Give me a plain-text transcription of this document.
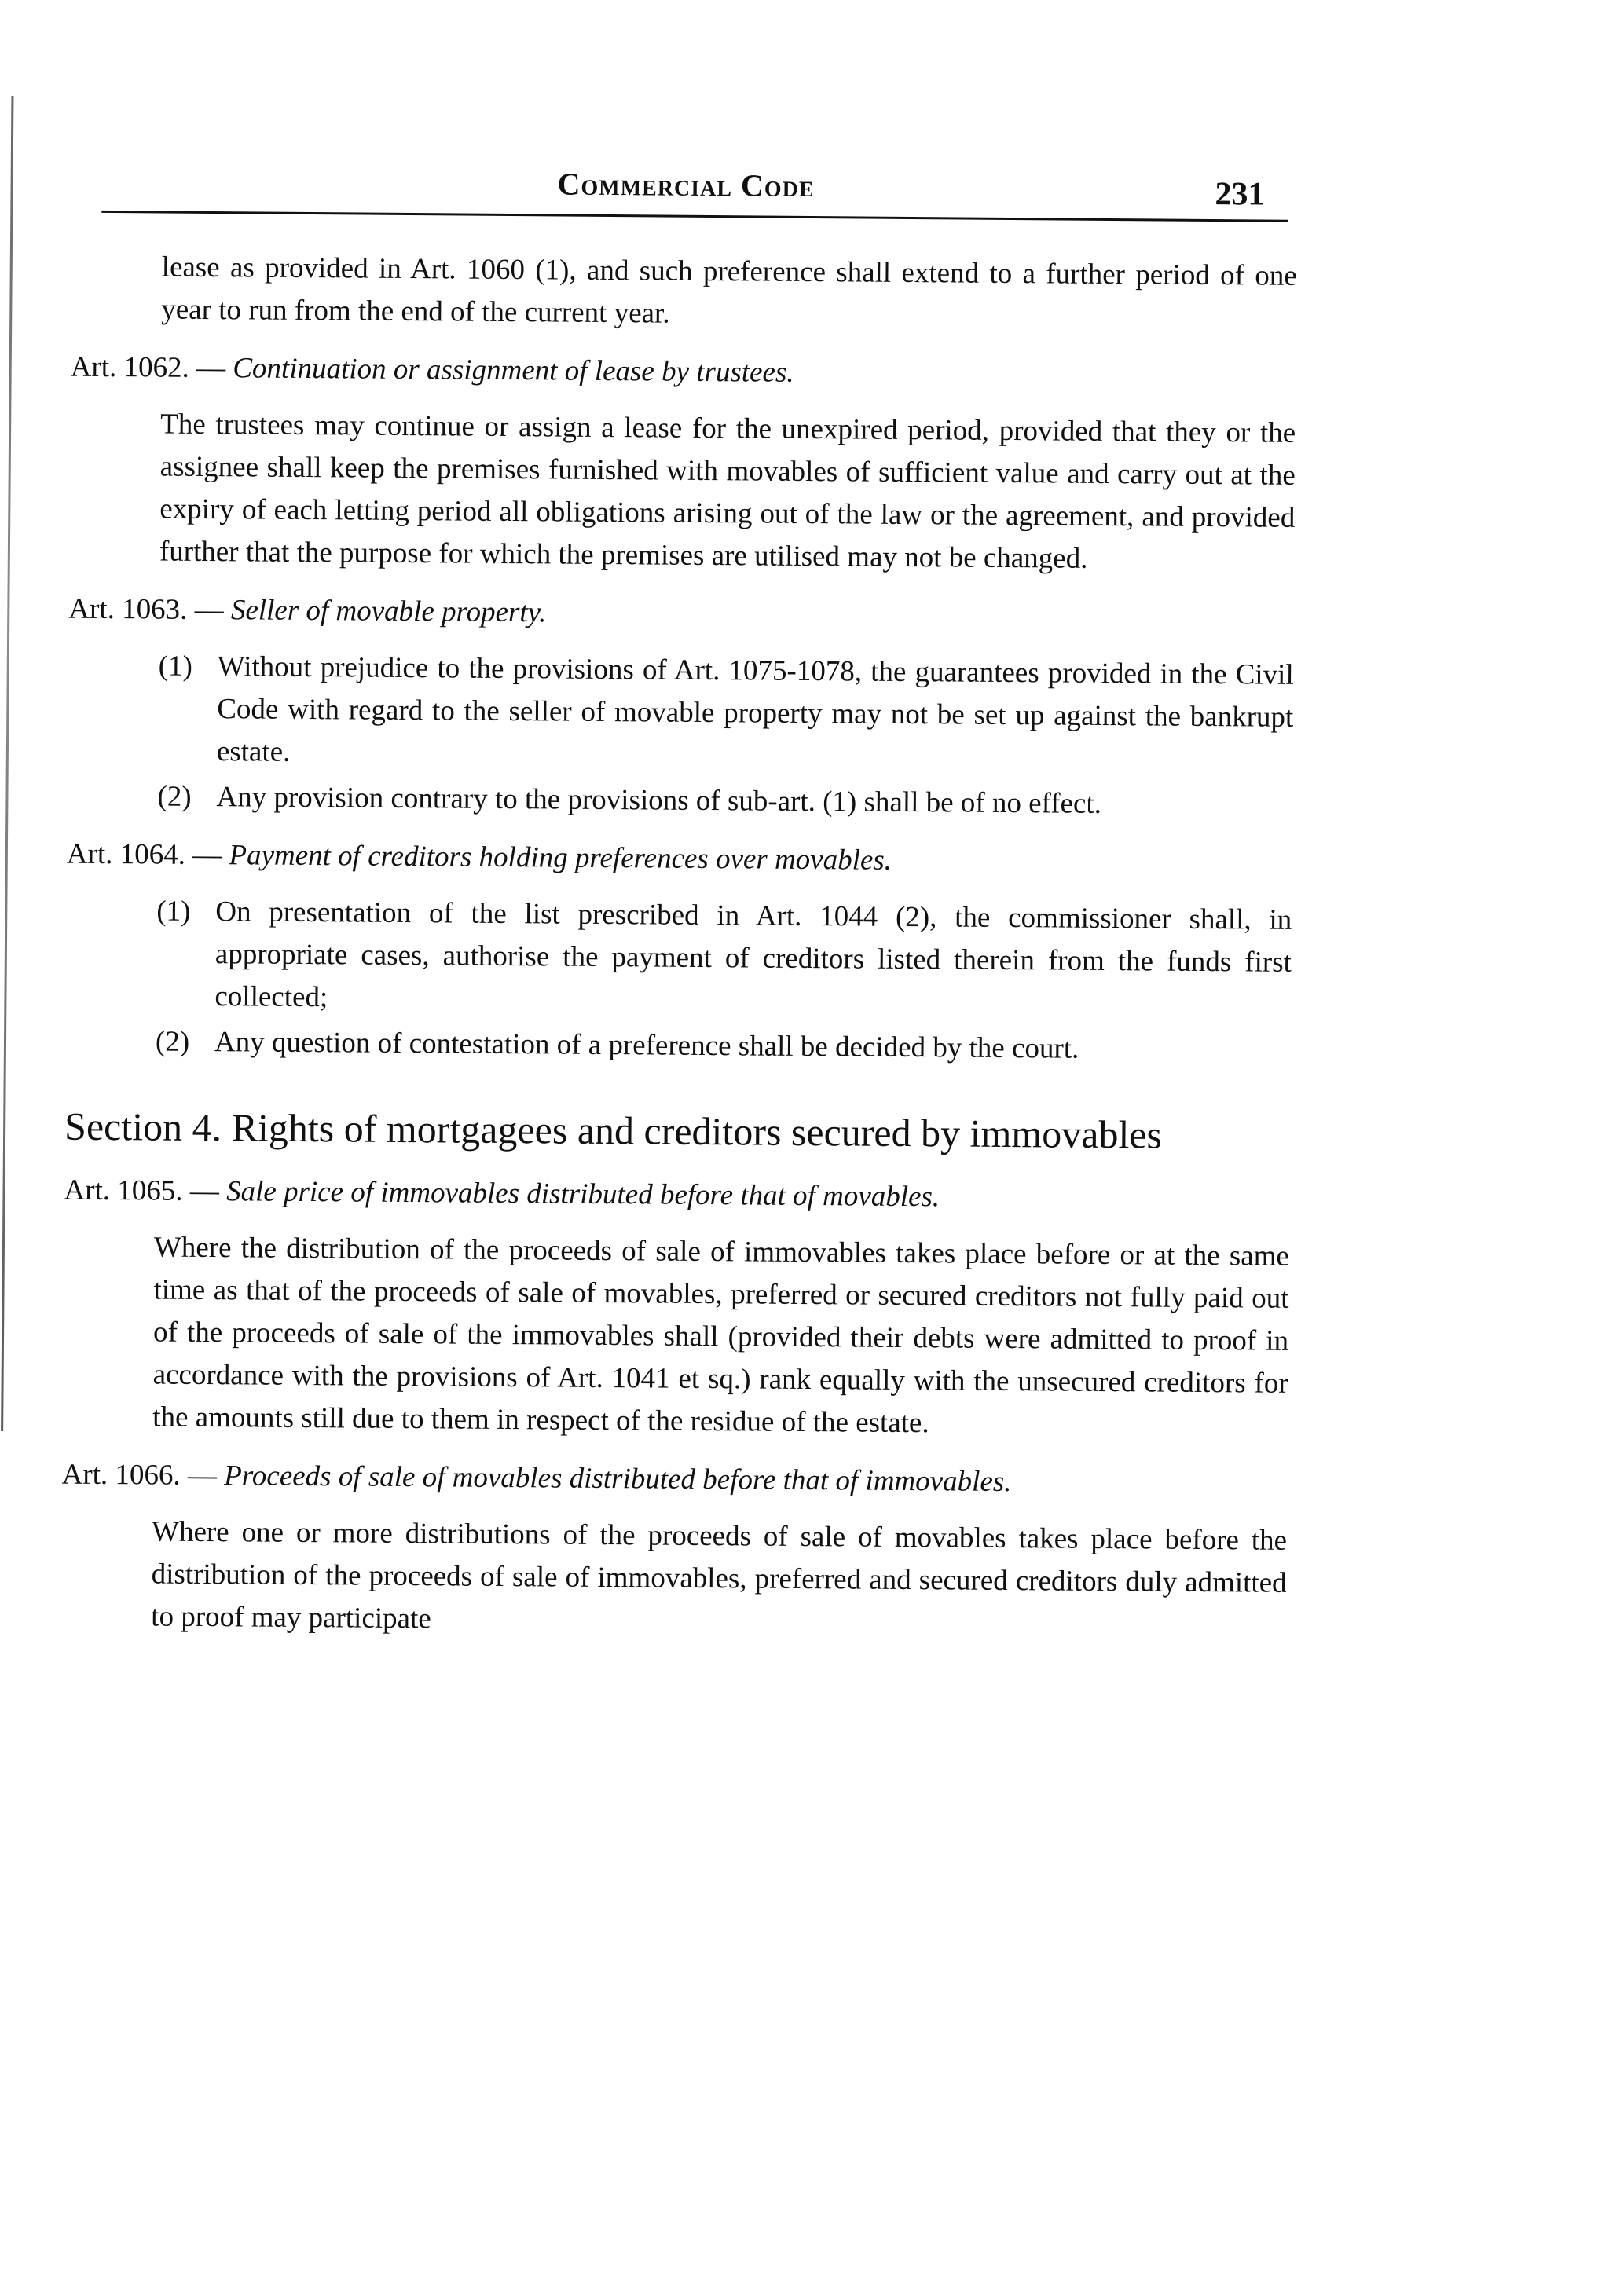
Commercial Code	231

lease as provided in Art. 1060 (1), and such preference shall extend to a further period of one year to run from the end of the current year.

Art. 1062. — Continuation or assignment of lease by trustees.

The trustees may continue or assign a lease for the unexpired period, provided that they or the assignee shall keep the premises furnished with movables of sufficient value and carry out at the expiry of each letting period all obligations arising out of the law or the agreement, and provided further that the purpose for which the premises are utilised may not be changed.

Art. 1063. — Seller of movable property.
(1) Without prejudice to the provisions of Art. 1075-1078, the guarantees provided in the Civil Code with regard to the seller of movable property may not be set up against the bankrupt estate.
(2) Any provision contrary to the provisions of sub-art. (1) shall be of no effect.
Art. 1064. — Payment of creditors holding preferences over movables.
(1) On presentation of the list prescribed in Art. 1044 (2), the commissioner shall, in appropriate cases, authorise the payment of creditors listed therein from the funds first collected;
(2) Any question of contestation of a preference shall be decided by the court.
Section 4. Rights of mortgagees and creditors secured by immovables
Art. 1065. — Sale price of immovables distributed before that of movables.

Where the distribution of the proceeds of sale of immovables takes place before or at the same time as that of the proceeds of sale of movables, preferred or secured creditors not fully paid out of the proceeds of sale of the immovables shall (provided their debts were admitted to proof in accordance with the provisions of Art. 1041 et sq.) rank equally with the unsecured creditors for the amounts still due to them in respect of the residue of the estate.

Art. 1066. — Proceeds of sale of movables distributed before that of immovables.

Where one or more distributions of the proceeds of sale of movables takes place before the distribution of the proceeds of sale of immovables, preferred and secured creditors duly admitted to proof may participate
